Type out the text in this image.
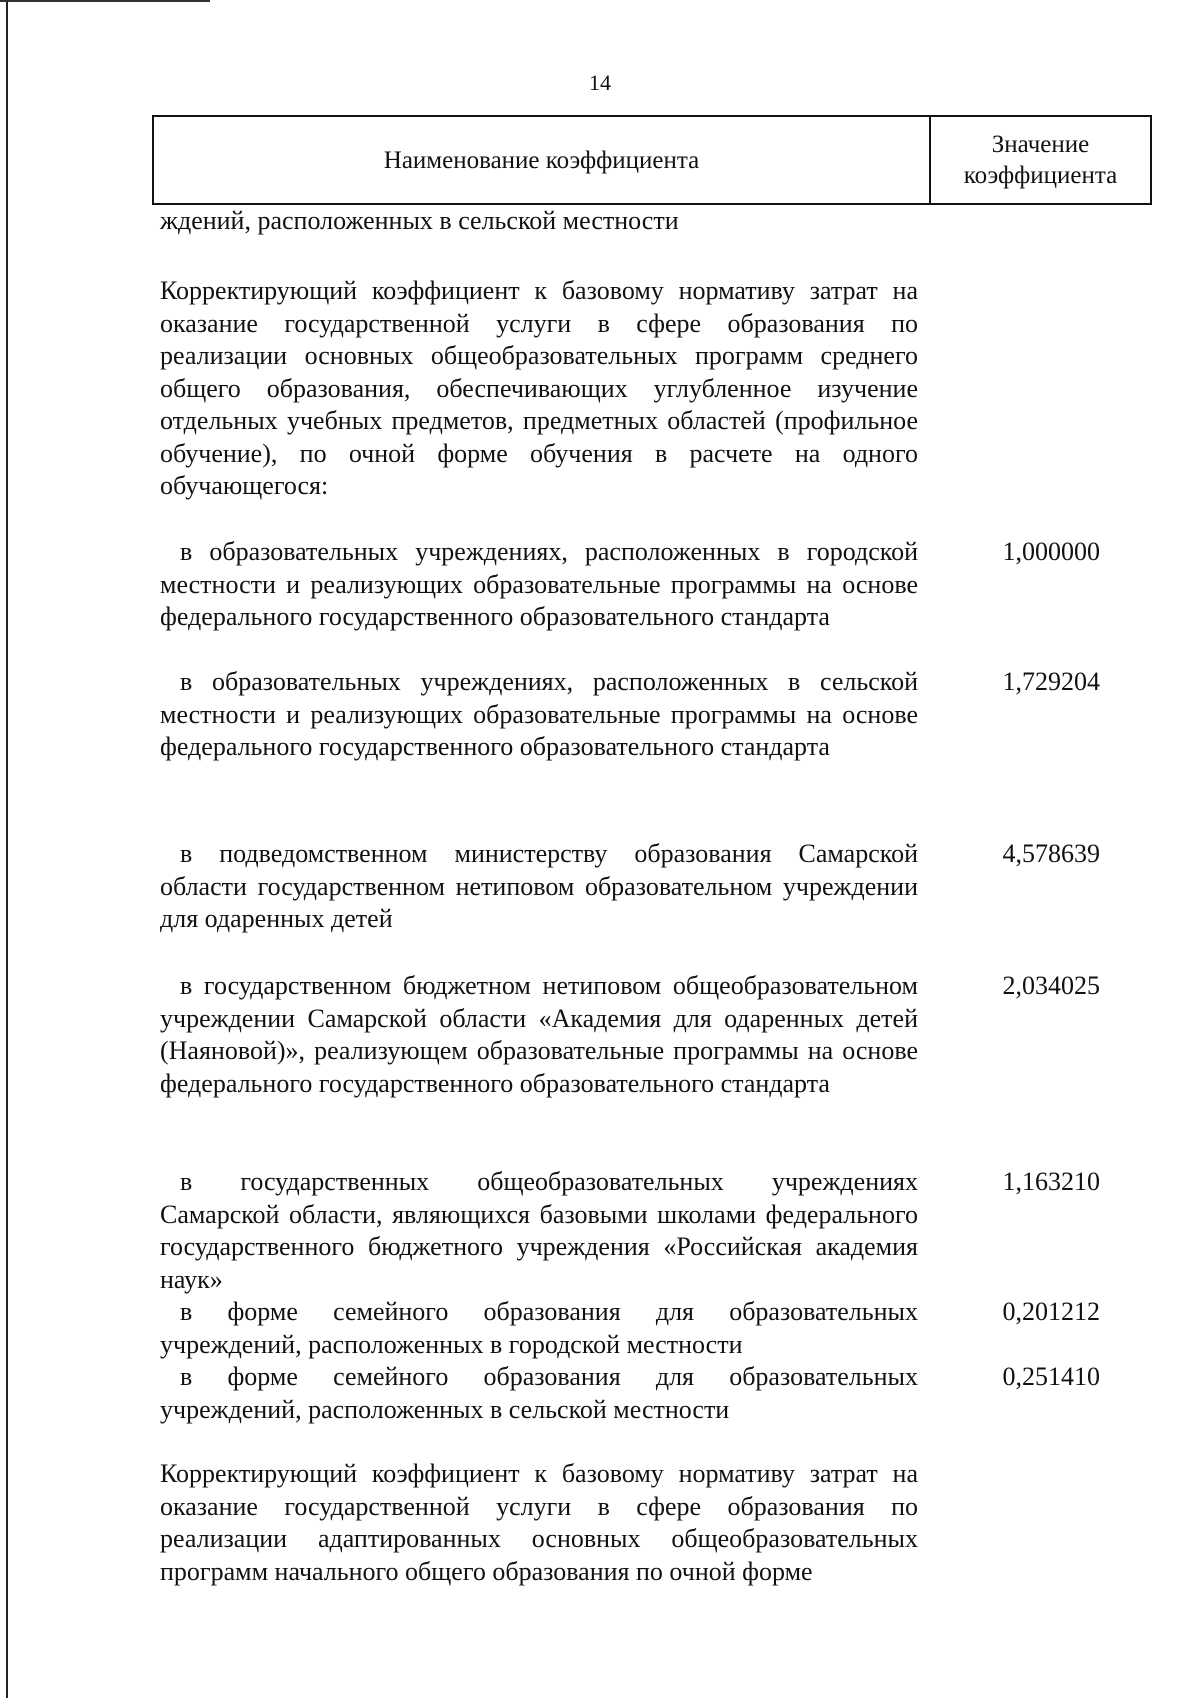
14
Наименование коэффициента
Значение коэффициента
ждений, расположенных в сельской местности
Корректирующий коэффициент к базовому нормативу затрат на оказание государственной услуги в сфере образования по реализации основных общеобразовательных программ среднего общего образования, обеспечивающих углубленное изучение отдельных учебных предметов, предметных областей (профильное обучение), по очной форме обучения в расчете на одного обучающегося:
в образовательных учреждениях, расположенных в городской местности и реализующих образовательные программы на основе федерального государственного образовательного стандарта
1,000000
в образовательных учреждениях, расположенных в сельской местности и реализующих образовательные программы на основе федерального государственного образовательного стандарта
1,729204
в подведомственном министерству образования Самарской области государственном нетиповом образовательном учреждении для одаренных детей
4,578639
в государственном бюджетном нетиповом общеобразовательном учреждении Самарской области «Академия для одаренных детей (Наяновой)», реализующем образовательные программы на основе федерального государственного образовательного стандарта
2,034025
в государственных общеобразовательных учреждениях Самарской области, являющихся базовыми школами федерального государственного бюджетного учреждения «Российская академия наук»
1,163210
в форме семейного образования для образовательных учреждений, расположенных в городской местности
0,201212
в форме семейного образования для образовательных учреждений, расположенных в сельской местности
0,251410
Корректирующий коэффициент к базовому нормативу затрат на оказание государственной услуги в сфере образования по реализации адаптированных основных общеобразовательных программ начального общего образования по очной форме
